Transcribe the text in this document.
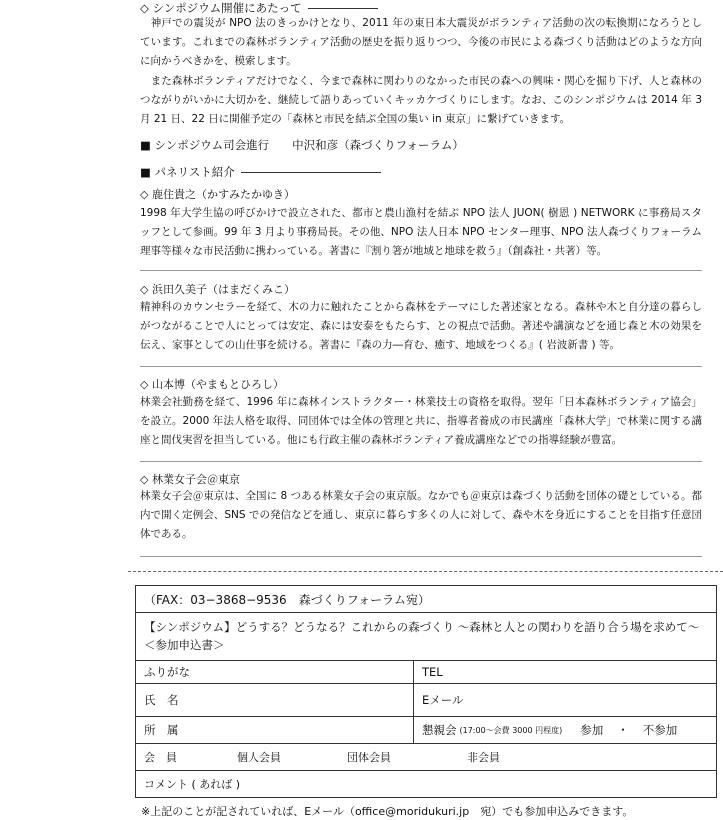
◇ シンポジウム開催にあたって
　神戸での震災が NPO 法のきっかけとなり、2011 年の東日本大震災がボランティア活動の次の転換期になろうとしています。これまでの森林ボランティア活動の歴史を振り返りつつ、今後の市民による森づくり活動はどのような方向に向かうべきかを、模索します。
　また森林ボランティアだけでなく、今まで森林に関わりのなかった市民の森への興味・関心を掘り下げ、人と森林のつながりがいかに大切かを、継続して語りあっていくキッカケづくりにします。なお、このシンポジウムは 2014 年 3 月 21 日、22 日に開催予定の「森林と市民を結ぶ全国の集い in 東京」に繋げていきます。
■ シンポジウム司会進行　　中沢和彦（森づくりフォーラム）
■ パネリスト紹介
◇ 鹿住貴之（かすみたかゆき）
1998 年大学生協の呼びかけで設立された、都市と農山漁村を結ぶ NPO 法人 JUON( 樹恩 ) NETWORK に事務局スタッフとして参画。99 年 3 月より事務局長。その他、NPO 法人日本 NPO センター理事、NPO 法人森づくりフォーラム理事等様々な市民活動に携わっている。著書に『割り箸が地域と地球を救う』（創森社・共著）等。
◇ 浜田久美子（はまだくみこ）
精神科のカウンセラーを経て、木の力に触れたことから森林をテーマにした著述家となる。森林や木と自分達の暮らしがつながることで人にとっては安定、森には安泰をもたらす、との視点で活動。著述や講演などを通じ森と木の効果を伝え、家事としての山仕事を続ける。著書に『森の力―育む、癒す、地域をつくる』( 岩波新書 ) 等。
◇ 山本博（やまもとひろし）
林業会社勤務を経て、1996 年に森林インストラクター・林業技士の資格を取得。翌年「日本森林ボランティア協会」を設立。2000 年法人格を取得、同団体では全体の管理と共に、指導者養成の市民講座「森林大学」で林業に関する講座と間伐実習を担当している。他にも行政主催の森林ボランティア養成講座などでの指導経験が豊富。
◇ 林業女子会＠東京
林業女子会＠東京は、全国に 8 つある林業女子会の東京版。なかでも＠東京は森づくり活動を団体の礎としている。都内で開く定例会、SNS での発信などを通し、東京に暮らす多くの人に対して、森や木を身近にすることを目指す任意団体である。
（FAX：03−3868−9536　森づくりフォーラム宛）
【シンポジウム】どうする？どうなる？これからの森づくり ～森林と人との関わりを語り合う場を求めて～
＜参加申込書＞
ふりがな	TEL
氏　名	Eメール
所　属	懇親会 (17:00～会費 3000 円程度) 参加 ・ 不参加
会　員	個人会員	団体会員	非会員
コメント ( あれば )
※上記のことが記されていれば、Eメール（office@moridukuri.jp　宛）でも参加申込みできます。
